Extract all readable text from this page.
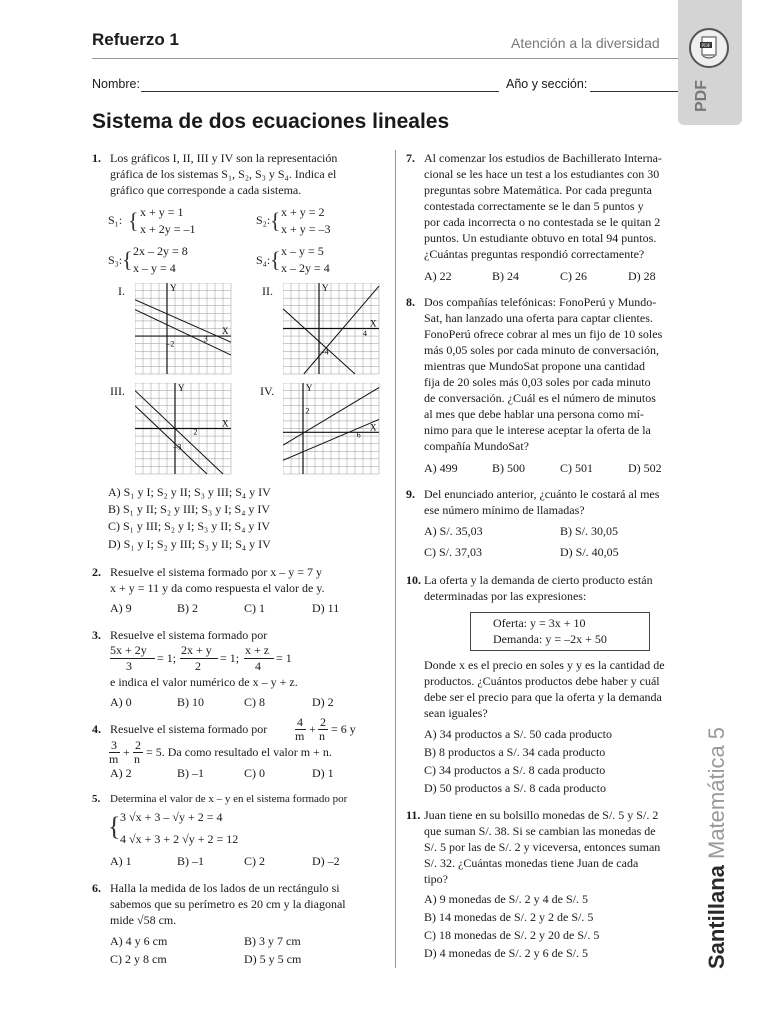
Refuerzo 1	Atención a la diversidad
Nombre:	Año y sección:
PDF
PDF
Santillana Matemática 5
Sistema de dos ecuaciones lineales
1. Los gráficos I, II, III y IV son la representación
gráfica de los sistemas S₁, S₂, S₃ y S₄. Indica el
gráfico que corresponde a cada sistema.
S₁: { x + y = 1
x + 2y = –1
S₂: { x + y = 2
x + y = –3
S₃: { 2x – 2y = 8
x – y = 4
S₄: { x – y = 5
x – 2y = 4
I.	II.
III.	IV.
Y
X
3
–2
Y
X
4
–4
Y
X
2
–3
Y
X
2
6
A) S₁ y I; S₂ y II; S₃ y III; S₄ y IV
B) S₁ y II; S₂ y III; S₃ y I; S₄ y IV
C) S₁ y III; S₂ y I; S₃ y II; S₄ y IV
D) S₁ y I; S₂ y III; S₃ y II; S₄ y IV
2. Resuelve el sistema formado por x – y = 7 y
x + y = 11 y da como respuesta el valor de y.
A) 9	B) 2	C) 1	D) 11
3. Resuelve el sistema formado por
5x + 2y
3
= 1;
2x + y
2
= 1;
x + z
4
= 1
e indica el valor numérico de x – y + z.
A) 0	B) 10	C) 8	D) 2
4. Resuelve el sistema formado por 4
m + 2
n = 6 y
3
m + 2
n = 5. Da como resultado el valor m + n.
A) 2	B) –1	C) 0	D) 1
5. Determina el valor de x – y en el sistema formado por
{ 3 √x + 3 – √y + 2 = 4
4 √x + 3 + 2 √y + 2 = 12
A) 1	B) –1	C) 2	D) –2
6. Halla la medida de los lados de un rectángulo si
sabemos que su perímetro es 20 cm y la diagonal
mide √58 cm.
A) 4 y 6 cm	B) 3 y 7 cm
C) 2 y 8 cm	D) 5 y 5 cm
7. Al comenzar los estudios de Bachillerato Interna-
cional se les hace un test a los estudiantes con 30
preguntas sobre Matemática. Por cada pregunta
contestada correctamente se le dan 5 puntos y
por cada incorrecta o no contestada se le quitan 2
puntos. Un estudiante obtuvo en total 94 puntos.
¿Cuántas preguntas respondió correctamente?
A) 22	B) 24	C) 26	D) 28
8. Dos compañías telefónicas: FonoPerú y Mundo-
Sat, han lanzado una oferta para captar clientes.
FonoPerú ofrece cobrar al mes un fijo de 10 soles
más 0,05 soles por cada minuto de conversación,
mientras que MundoSat propone una cantidad
fija de 20 soles más 0,03 soles por cada minuto
de conversación. ¿Cuál es el número de minutos
al mes que debe hablar una persona como mí-
nimo para que le interese aceptar la oferta de la
compañía MundoSat?
A) 499	B) 500	C) 501	D) 502
9. Del enunciado anterior, ¿cuánto le costará al mes
ese número mínimo de llamadas?
A) S/. 35,03	B) S/. 30,05
C) S/. 37,03	D) S/. 40,05
10. La oferta y la demanda de cierto producto están
determinadas por las expresiones:
Oferta: y = 3x + 10
Demanda: y = –2x + 50
Donde x es el precio en soles y y es la cantidad de
productos. ¿Cuántos productos debe haber y cuál
debe ser el precio para que la oferta y la demanda
sean iguales?
A) 34 productos a S/. 50 cada producto
B) 8 productos a S/. 34 cada producto
C) 34 productos a S/. 8 cada producto
D) 50 productos a S/. 8 cada producto
11. Juan tiene en su bolsillo monedas de S/. 5 y S/. 2
que suman S/. 38. Si se cambian las monedas de
S/. 5 por las de S/. 2 y viceversa, entonces suman
S/. 32. ¿Cuántas monedas tiene Juan de cada
tipo?
A) 9 monedas de S/. 2 y 4 de S/. 5
B) 14 monedas de S/. 2 y 2 de S/. 5
C) 18 monedas de S/. 2 y 20 de S/. 5
D) 4 monedas de S/. 2 y 6 de S/. 5
